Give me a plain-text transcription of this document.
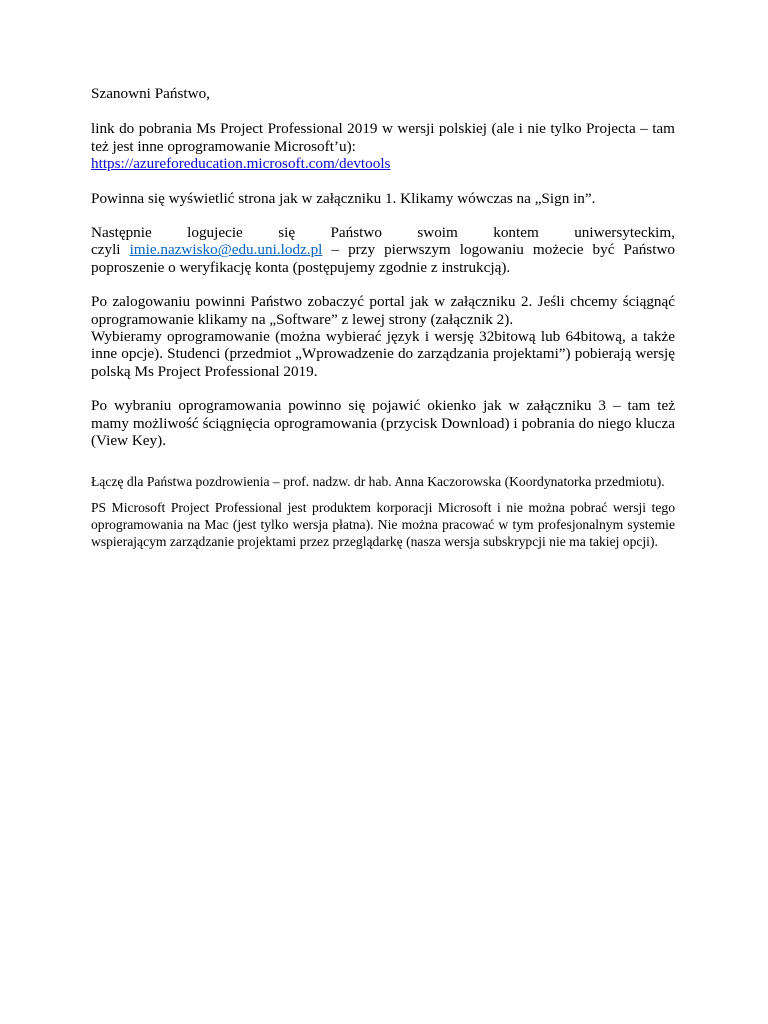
Szanowni Państwo,

link do pobrania Ms Project Professional 2019 w wersji polskiej (ale i nie tylko Projecta – tam

też jest inne oprogramowanie Microsoft’u):

https://azureforeducation.microsoft.com/devtools

Powinna się wyświetlić strona jak w załączniku 1. Klikamy wówczas na „Sign in”.

Następnie logujecie się Państwo swoim kontem uniwersyteckim,

czyli imie.nazwisko@edu.uni.lodz.pl – przy pierwszym logowaniu możecie być Państwo poproszenie o weryfikację konta (postępujemy zgodnie z instrukcją).

Po zalogowaniu powinni Państwo zobaczyć portal jak w załączniku 2. Jeśli chcemy ściągnąć

oprogramowanie klikamy na „Software” z lewej strony (załącznik 2).

Wybieramy oprogramowanie (można wybierać język i wersję 32bitową lub 64bitową, a także inne opcje). Studenci (przedmiot „Wprowadzenie do zarządzania projektami”) pobierają wersję polską Ms Project Professional 2019.

Po wybraniu oprogramowania powinno się pojawić okienko jak w załączniku 3 – tam też mamy możliwość ściągnięcia oprogramowania (przycisk Download) i pobrania do niego klucza (View Key).

Łączę dla Państwa pozdrowienia – prof. nadzw. dr hab. Anna Kaczorowska (Koordynatorka przedmiotu).

PS Microsoft Project Professional jest produktem korporacji Microsoft i nie można pobrać wersji tego oprogramowania na Mac (jest tylko wersja płatna). Nie można pracować w tym profesjonalnym systemie wspierającym zarządzanie projektami przez przeglądarkę (nasza wersja subskrypcji nie ma takiej opcji).
